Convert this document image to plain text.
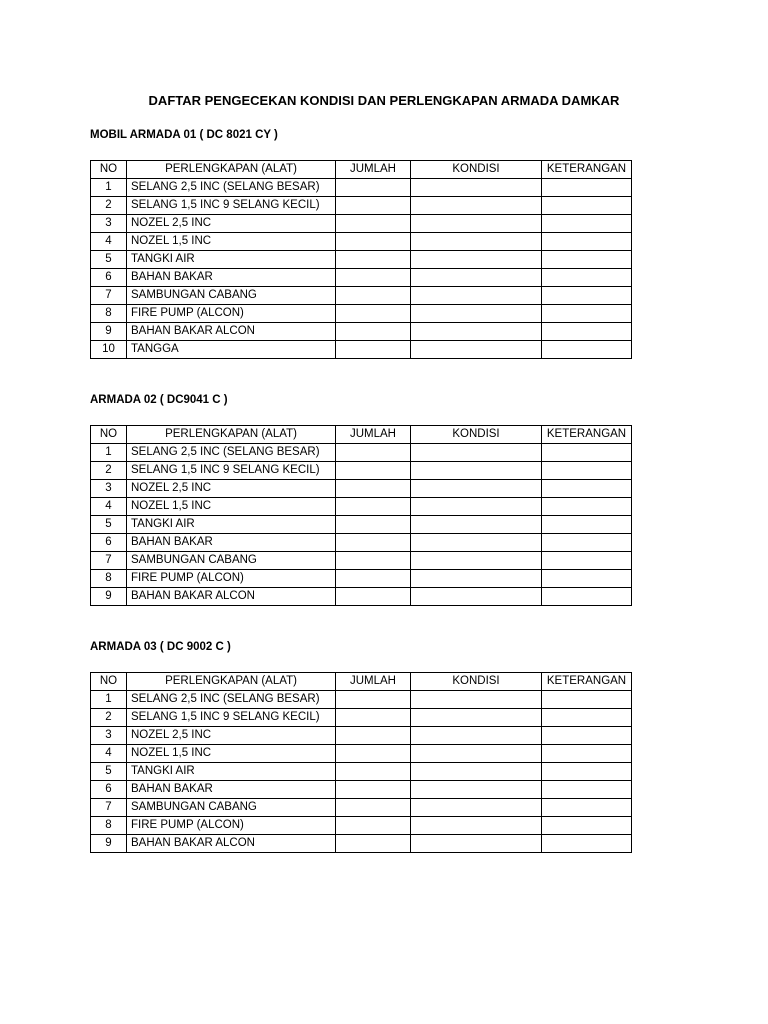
DAFTAR PENGECEKAN KONDISI DAN PERLENGKAPAN ARMADA DAMKAR
MOBIL ARMADA 01 ( DC 8021 CY )
NO	PERLENGKAPAN (ALAT)	JUMLAH	KONDISI	KETERANGAN
1	SELANG 2,5 INC (SELANG BESAR)			
2	SELANG 1,5 INC 9 SELANG KECIL)			
3	NOZEL 2,5 INC			
4	NOZEL 1,5 INC			
5	TANGKI AIR			
6	BAHAN BAKAR			
7	SAMBUNGAN CABANG			
8	FIRE PUMP (ALCON)			
9	BAHAN BAKAR ALCON			
10	TANGGA			
ARMADA 02 ( DC9041 C )
NO	PERLENGKAPAN (ALAT)	JUMLAH	KONDISI	KETERANGAN
1	SELANG 2,5 INC (SELANG BESAR)			
2	SELANG 1,5 INC 9 SELANG KECIL)			
3	NOZEL 2,5 INC			
4	NOZEL 1,5 INC			
5	TANGKI AIR			
6	BAHAN BAKAR			
7	SAMBUNGAN CABANG			
8	FIRE PUMP (ALCON)			
9	BAHAN BAKAR ALCON			
ARMADA 03 ( DC 9002 C )
NO	PERLENGKAPAN (ALAT)	JUMLAH	KONDISI	KETERANGAN
1	SELANG 2,5 INC (SELANG BESAR)			
2	SELANG 1,5 INC 9 SELANG KECIL)			
3	NOZEL 2,5 INC			
4	NOZEL 1,5 INC			
5	TANGKI AIR			
6	BAHAN BAKAR			
7	SAMBUNGAN CABANG			
8	FIRE PUMP (ALCON)			
9	BAHAN BAKAR ALCON			
